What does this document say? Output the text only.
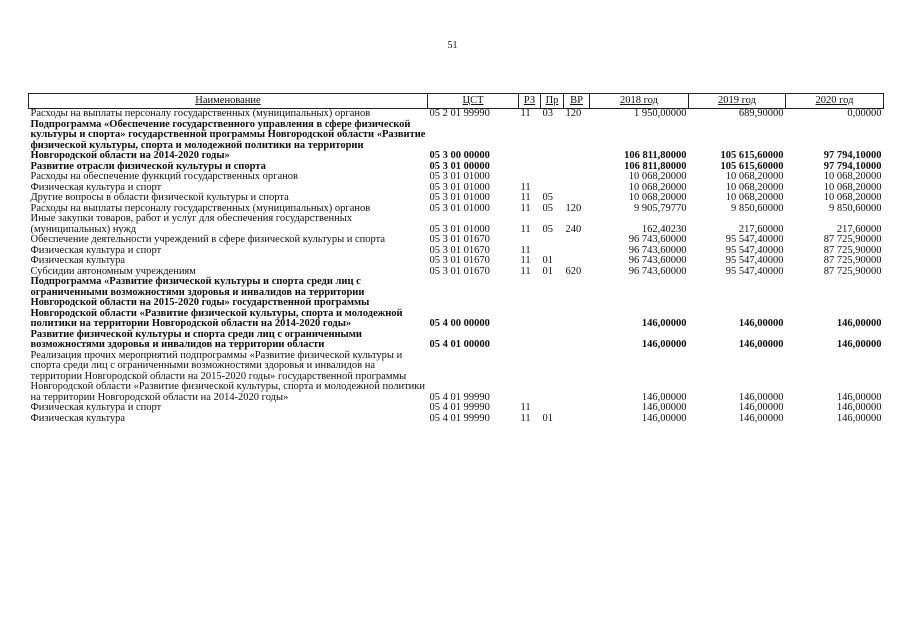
51
Наименование	ЦСТ	РЗ	Пр	ВР	2018 год	2019 год	2020 год
Расходы на выплаты персоналу государственных (муниципальных) органов	05 2 01 99990	11	03	120	1 950,00000	689,90000	0,00000
Подпрограмма «Обеспечение государственного управления в сфере физической культуры и спорта» государственной программы Новгородской области «Развитие физической культуры, спорта и молодежной политики на территории Новгородской области на 2014-2020 годы»	05 3 00 00000				106 811,80000	105 615,60000	97 794,10000
Развитие отрасли физической культуры и спорта	05 3 01 00000				106 811,80000	105 615,60000	97 794,10000
Расходы на обеспечение функций государственных органов	05 3 01 01000				10 068,20000	10 068,20000	10 068,20000
Физическая культура и спорт	05 3 01 01000	11			10 068,20000	10 068,20000	10 068,20000
Другие вопросы в области физической культуры и спорта	05 3 01 01000	11	05		10 068,20000	10 068,20000	10 068,20000
Расходы на выплаты персоналу государственных (муниципальных) органов	05 3 01 01000	11	05	120	9 905,79770	9 850,60000	9 850,60000
Иные закупки товаров, работ и услуг для обеспечения государственных (муниципальных) нужд	05 3 01 01000	11	05	240	162,40230	217,60000	217,60000
Обеспечение деятельности учреждений в сфере физической культуры и спорта	05 3 01 01670				96 743,60000	95 547,40000	87 725,90000
Физическая культура и спорт	05 3 01 01670	11			96 743,60000	95 547,40000	87 725,90000
Физическая культура	05 3 01 01670	11	01		96 743,60000	95 547,40000	87 725,90000
Субсидии автономным учреждениям	05 3 01 01670	11	01	620	96 743,60000	95 547,40000	87 725,90000
Подпрограмма «Развитие физической культуры и спорта среди лиц с ограниченными возможностями здоровья и инвалидов на территории Новгородской области на 2015-2020 годы» государственной программы Новгородской области «Развитие физической культуры, спорта и молодежной политики на территории Новгородской области на 2014-2020 годы»	05 4 00 00000				146,00000	146,00000	146,00000
Развитие физической культуры и спорта среди лиц с ограниченными возможностями здоровья и инвалидов на территории области	05 4 01 00000				146,00000	146,00000	146,00000
Реализация прочих мероприятий подпрограммы «Развитие физической культуры и спорта среди лиц с ограниченными возможностями здоровья и инвалидов на территории Новгородской области на 2015-2020 годы» государственной программы Новгородской области «Развитие физической культуры, спорта и молодежной политики на территории Новгородской области на 2014-2020 годы»	05 4 01 99990				146,00000	146,00000	146,00000
Физическая культура и спорт	05 4 01 99990	11			146,00000	146,00000	146,00000
Физическая культура	05 4 01 99990	11	01		146,00000	146,00000	146,00000
